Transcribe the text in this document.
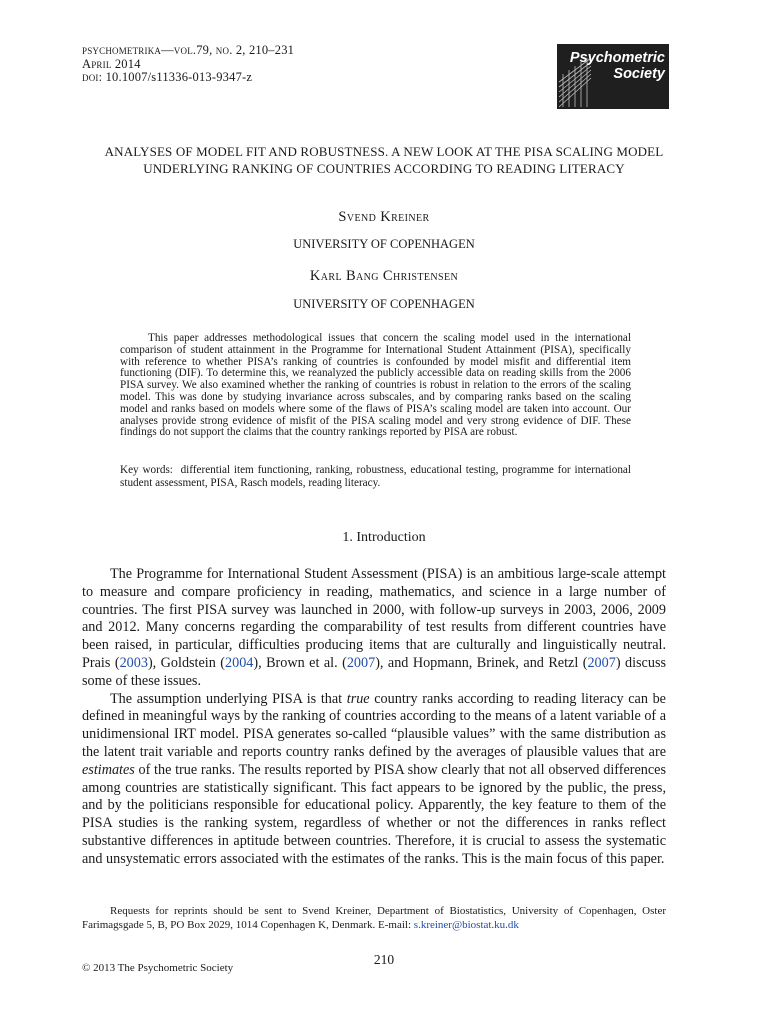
psychometrika—vol.79, no. 2, 210–231
April 2014
doi: 10.1007/s11336-013-9347-z
Psychometric
Society
ANALYSES OF MODEL FIT AND ROBUSTNESS. A NEW LOOK AT THE PISA SCALING MODEL UNDERLYING RANKING OF COUNTRIES ACCORDING TO READING LITERACY
Svend Kreiner
UNIVERSITY OF COPENHAGEN
Karl Bang Christensen
UNIVERSITY OF COPENHAGEN
This paper addresses methodological issues that concern the scaling model used in the international comparison of student attainment in the Programme for International Student Attainment (PISA), specifically with reference to whether PISA’s ranking of countries is confounded by model misfit and differential item functioning (DIF). To determine this, we reanalyzed the publicly accessible data on reading skills from the 2006 PISA survey. We also examined whether the ranking of countries is robust in relation to the errors of the scaling model. This was done by studying invariance across subscales, and by comparing ranks based on the scaling model and ranks based on models where some of the flaws of PISA’s scaling model are taken into account. Our analyses provide strong evidence of misfit of the PISA scaling model and very strong evidence of DIF. These findings do not support the claims that the country rankings reported by PISA are robust.
Key words: differential item functioning, ranking, robustness, educational testing, programme for international student assessment, PISA, Rasch models, reading literacy.
1. Introduction

The Programme for International Student Assessment (PISA) is an ambitious large-scale attempt to measure and compare proficiency in reading, mathematics, and science in a large number of countries. The first PISA survey was launched in 2000, with follow-up surveys in 2003, 2006, 2009 and 2012. Many concerns regarding the comparability of test results from different countries have been raised, in particular, difficulties producing items that are culturally and linguistically neutral. Prais (2003), Goldstein (2004), Brown et al. (2007), and Hopmann, Brinek, and Retzl (2007) discuss some of these issues.

The assumption underlying PISA is that true country ranks according to reading literacy can be defined in meaningful ways by the ranking of countries according to the means of a latent variable of a unidimensional IRT model. PISA generates so-called “plausible values” with the same distribution as the latent trait variable and reports country ranks defined by the averages of plausible values that are estimates of the true ranks. The results reported by PISA show clearly that not all observed differences among countries are statistically significant. This fact appears to be ignored by the public, the press, and by the politicians responsible for educational policy. Apparently, the key feature to them of the PISA studies is the ranking system, regardless of whether or not the differences in ranks reflect substantive differences in aptitude between countries. Therefore, it is crucial to assess the systematic and unsystematic errors associated with the estimates of the ranks. This is the main focus of this paper.

Requests for reprints should be sent to Svend Kreiner, Department of Biostatistics, University of Copenhagen, Oster Farimagsgade 5, B, PO Box 2029, 1014 Copenhagen K, Denmark. E-mail: s.kreiner@biostat.ku.dk
210
© 2013 The Psychometric Society
